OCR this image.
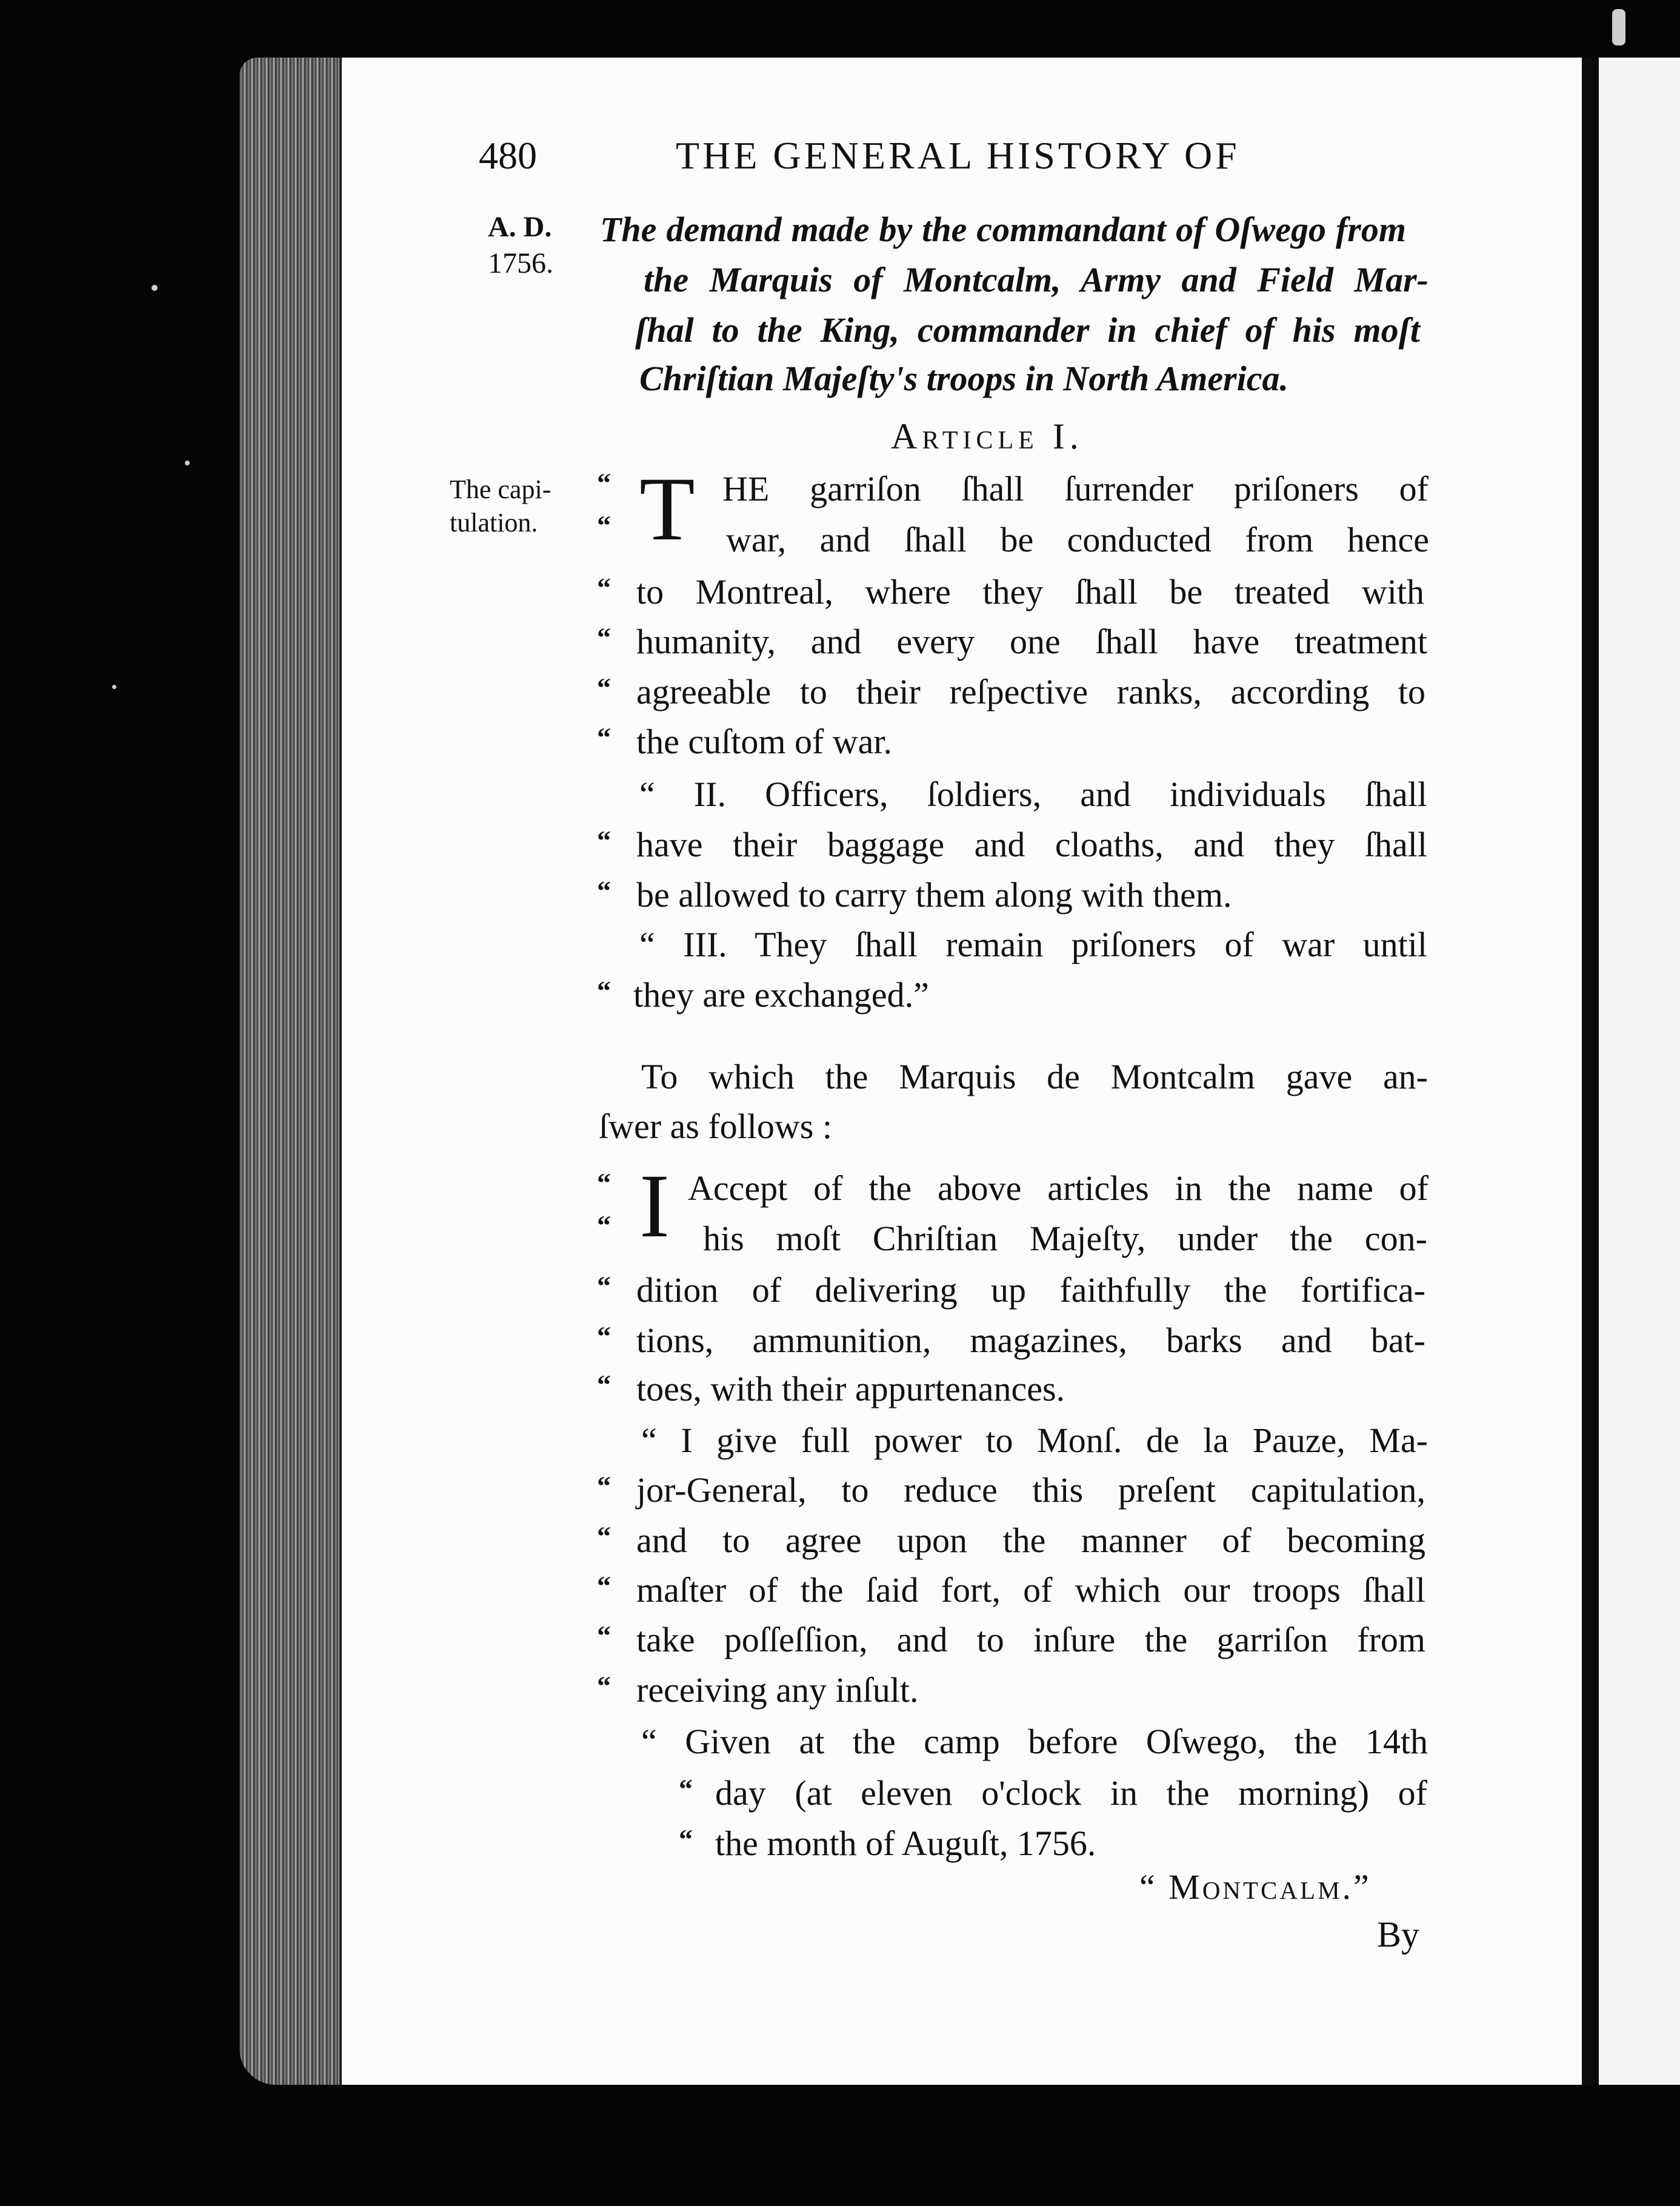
480	THE GENERAL HISTORY OF
A. D.
1756.
The capi-
tulation.
The demand made by the commandant of Oſwego from
the Marquis of Montcalm, Army and Field Mar-
ſhal to the King, commander in chief of his moſt
Chriſtian Majeſty's troops in North America.
Article I.
“
“ T HE garriſon ſhall ſurrender priſoners of
war, and ſhall be conducted from hence
“ to Montreal, where they ſhall be treated with
“ humanity, and every one ſhall have treatment
“ agreeable to their reſpective ranks, according to
“ the cuſtom of war.
“ II. Officers, ſoldiers, and individuals ſhall
“ have their baggage and cloaths, and they ſhall
“ be allowed to carry them along with them.
“ III. They ſhall remain priſoners of war until
“ they are exchanged.”
To which the Marquis de Montcalm gave an-
ſwer as follows :
“
“ I Accept of the above articles in the name of
his moſt Chriſtian Majeſty, under the con-
“ dition of delivering up faithfully the fortifica-
“ tions, ammunition, magazines, barks and bat-
“ toes, with their appurtenances.
“ I give full power to Monſ. de la Pauze, Ma-
“ jor-General, to reduce this preſent capitulation,
“ and to agree upon the manner of becoming
“ maſter of the ſaid fort, of which our troops ſhall
“ take poſſeſſion, and to inſure the garriſon from
“ receiving any inſult.
“ Given at the camp before Oſwego, the 14th
“ day (at eleven o'clock in the morning) of
“ the month of Auguſt, 1756.
“ Montcalm.”
By
